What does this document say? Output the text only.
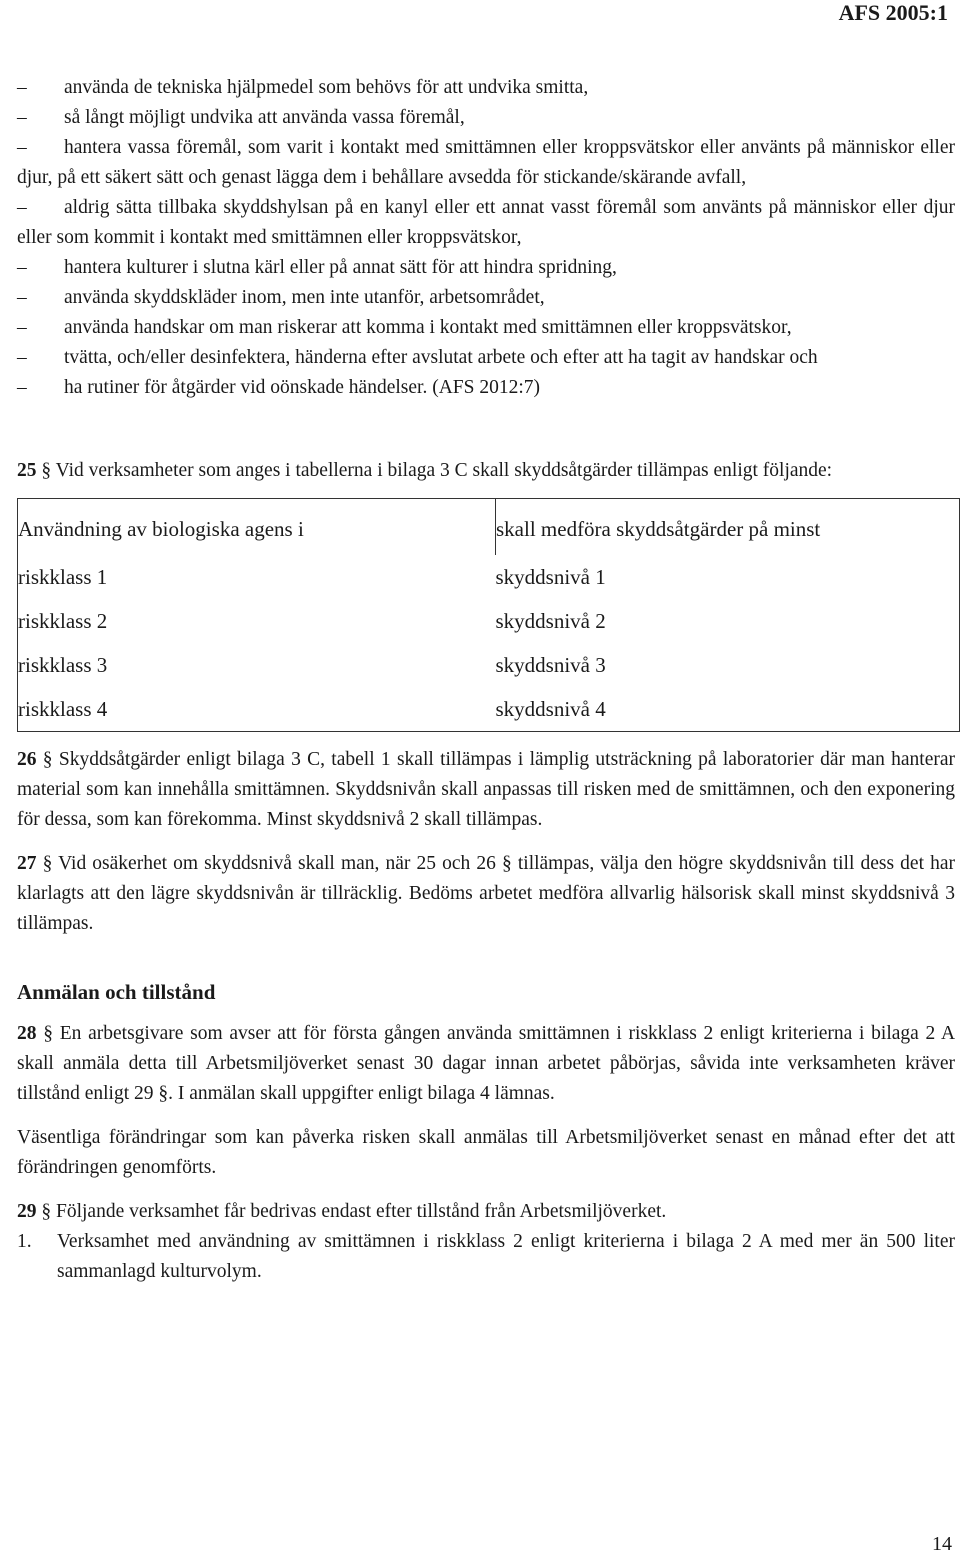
AFS 2005:1
– använda de tekniska hjälpmedel som behövs för att undvika smitta,
– så långt möjligt undvika att använda vassa föremål,
– hantera vassa föremål, som varit i kontakt med smittämnen eller kroppsvätskor eller använts på människor eller djur, på ett säkert sätt och genast lägga dem i behållare avsedda för stickande/skärande avfall,
– aldrig sätta tillbaka skyddshylsan på en kanyl eller ett annat vasst föremål som använts på människor eller djur eller som kommit i kontakt med smittämnen eller kroppsvätskor,
– hantera kulturer i slutna kärl eller på annat sätt för att hindra spridning,
– använda skyddskläder inom, men inte utanför, arbetsområdet,
– använda handskar om man riskerar att komma i kontakt med smittämnen eller kroppsvätskor,
– tvätta, och/eller desinfektera, händerna efter avslutat arbete och efter att ha tagit av handskar och
– ha rutiner för åtgärder vid oönskade händelser. (AFS 2012:7)

25 § Vid verksamheter som anges i tabellerna i bilaga 3 C skall skyddsåtgärder tillämpas enligt följande:

Användning av biologiska agens i	skall medföra skyddsåtgärder på minst
riskklass 1	skyddsnivå 1
riskklass 2	skyddsnivå 2
riskklass 3	skyddsnivå 3
riskklass 4	skyddsnivå 4

26 § Skyddsåtgärder enligt bilaga 3 C, tabell 1 skall tillämpas i lämplig utsträckning på laboratorier där man hanterar material som kan innehålla smittämnen. Skyddsnivån skall anpassas till risken med de smittämnen, och den exponering för dessa, som kan förekomma. Minst skyddsnivå 2 skall tillämpas.

27 § Vid osäkerhet om skyddsnivå skall man, när 25 och 26 § tillämpas, välja den högre skyddsnivån till dess det har klarlagts att den lägre skyddsnivån är tillräcklig. Bedöms arbetet medföra allvarlig hälsorisk skall minst skyddsnivå 3 tillämpas.

Anmälan och tillstånd

28 § En arbetsgivare som avser att för första gången använda smittämnen i riskklass 2 enligt kriterierna i bilaga 2 A skall anmäla detta till Arbetsmiljöverket senast 30 dagar innan arbetet påbörjas, såvida inte verksamheten kräver tillstånd enligt 29 §. I anmälan skall uppgifter enligt bilaga 4 lämnas.

Väsentliga förändringar som kan påverka risken skall anmälas till Arbetsmiljöverket senast en månad efter det att förändringen genomförts.

29 § Följande verksamhet får bedrivas endast efter tillstånd från Arbetsmiljöverket.

1.	Verksamhet med användning av smittämnen i riskklass 2 enligt kriterierna i bilaga 2 A med mer än 500 liter sammanlagd kulturvolym.
14
